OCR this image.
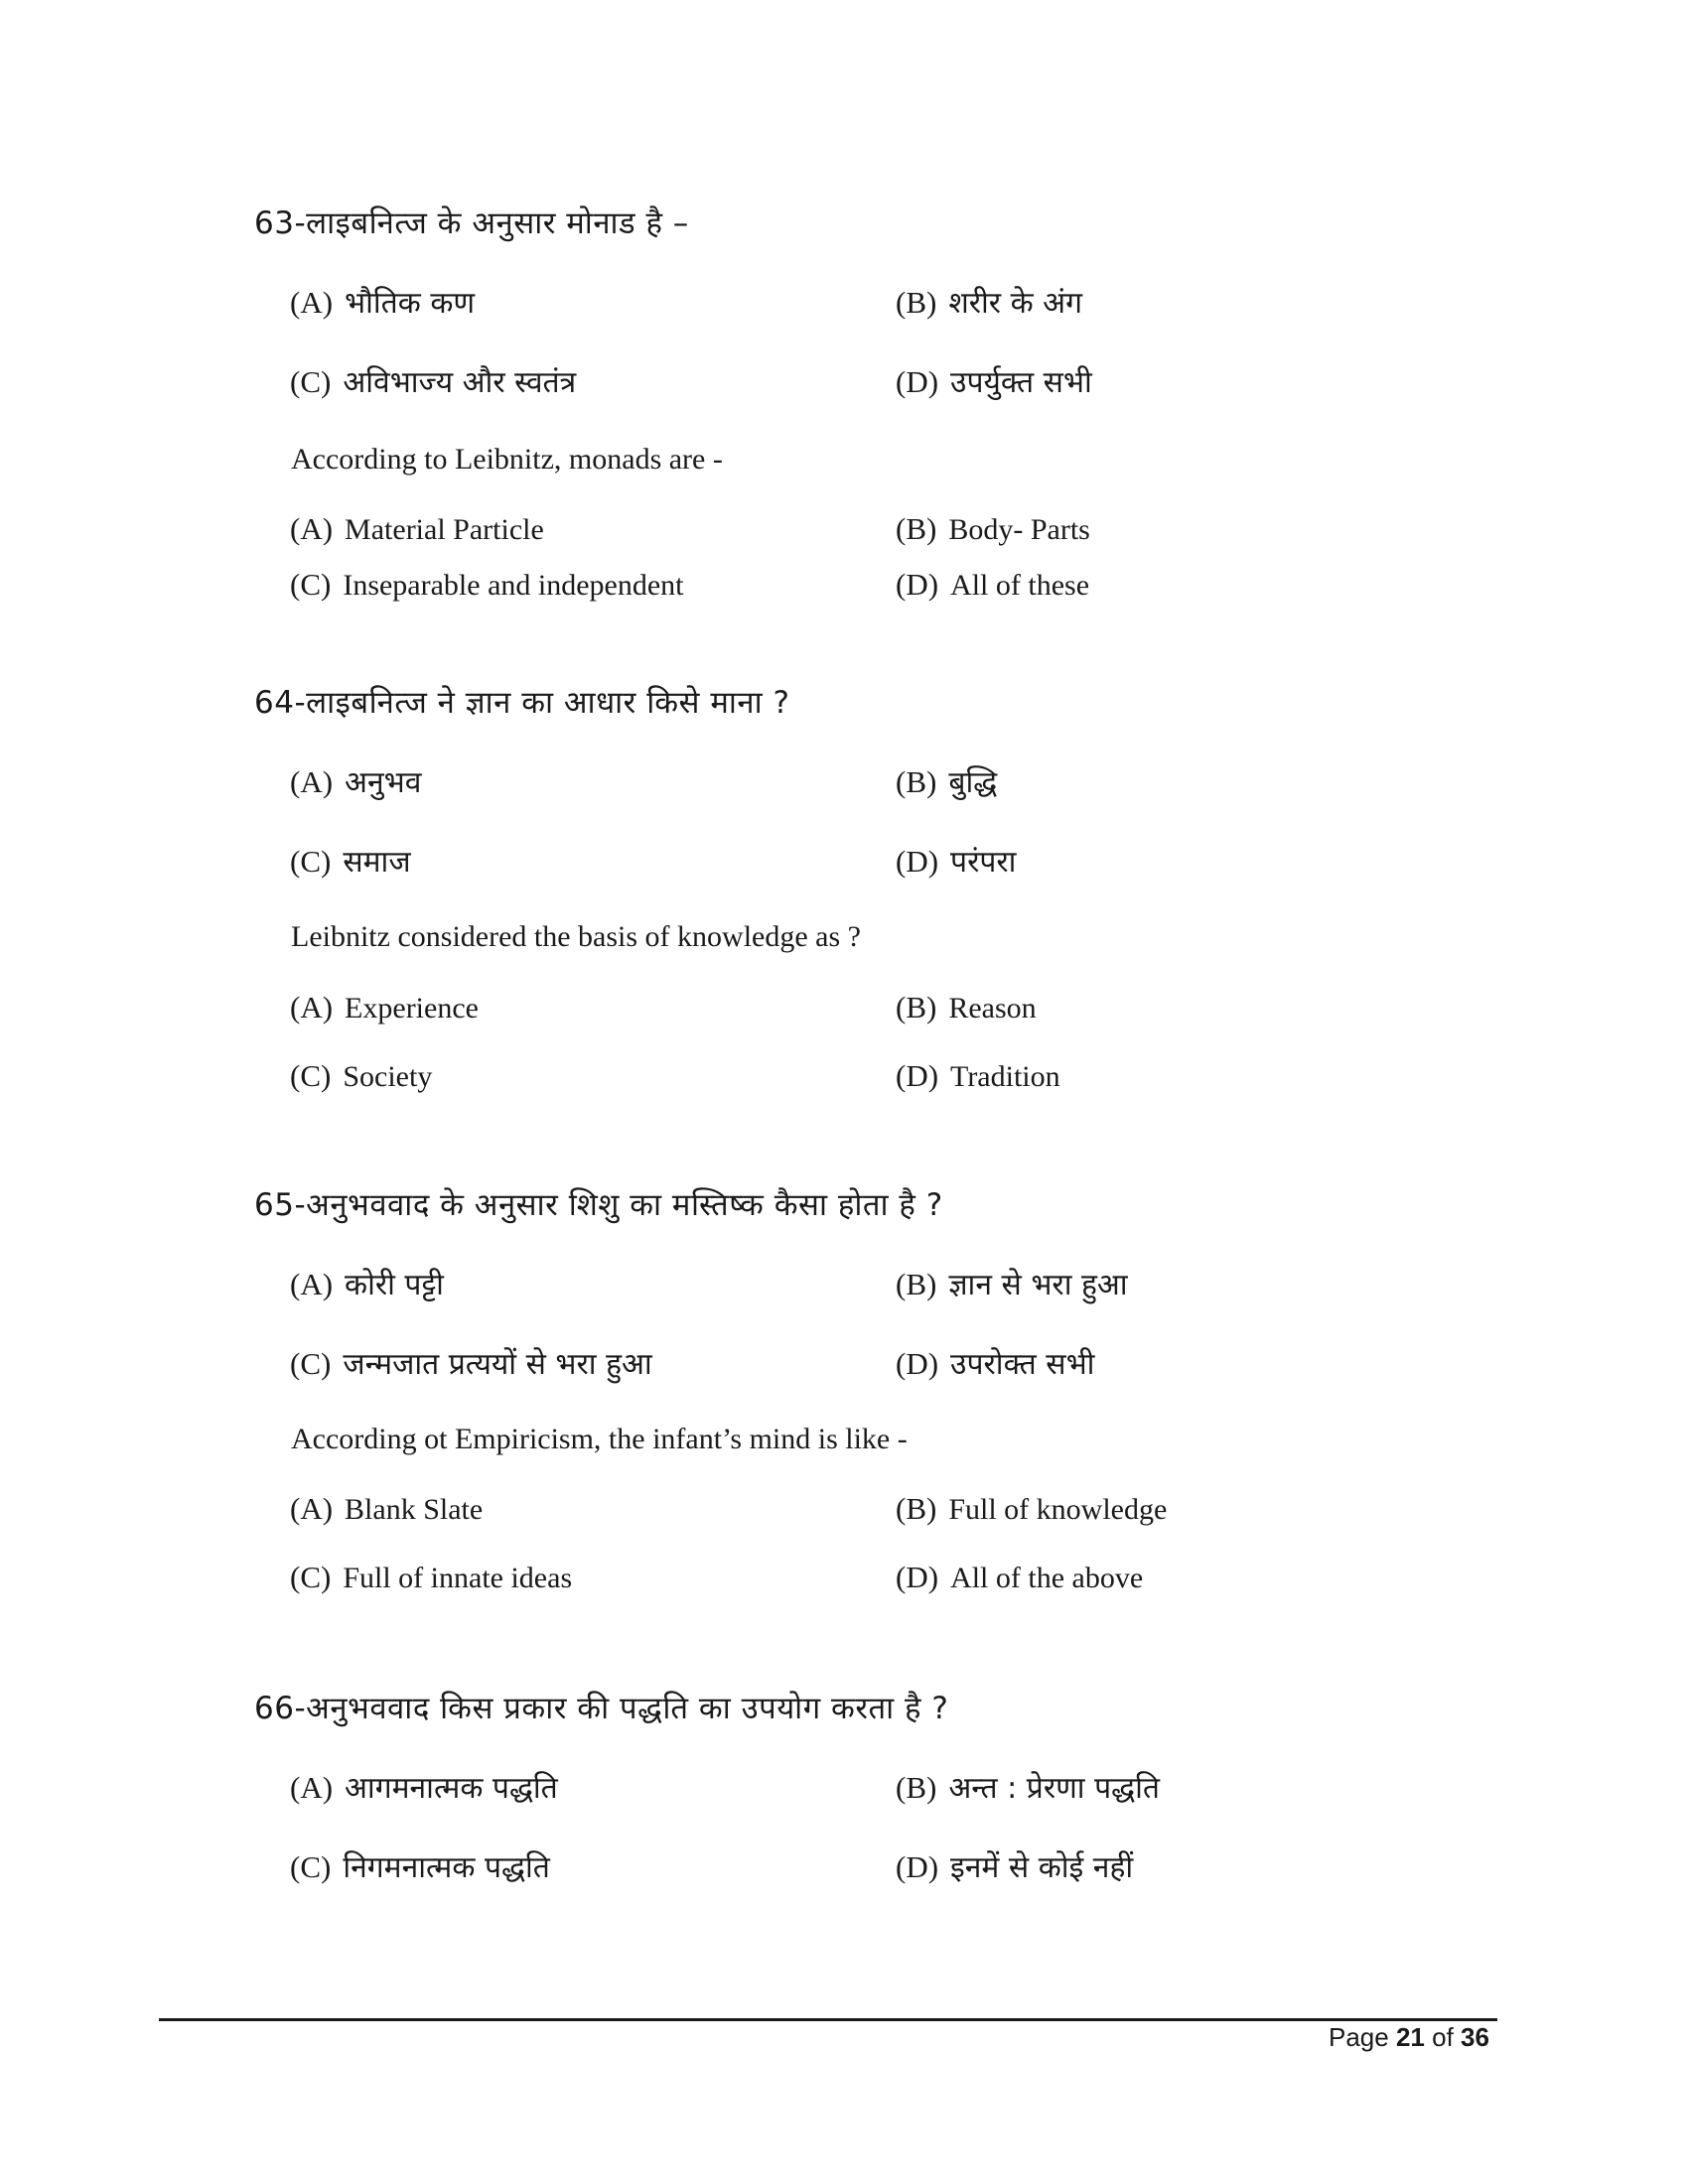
63-लाइबनित्ज के अनुसार मोनाड है –
(A) भौतिक कण	(B) शरीर के अंग
(C) अविभाज्य और स्वतंत्र	(D) उपर्युक्त सभी
According to Leibnitz, monads are -
(A) Material Particle	(B) Body- Parts
(C) Inseparable and independent	(D) All of these
64-लाइबनित्ज ने ज्ञान का आधार किसे माना ?
(A) अनुभव	(B) बुद्धि
(C) समाज	(D) परंपरा
Leibnitz considered the basis of knowledge as ?
(A) Experience	(B) Reason
(C) Society	(D) Tradition
65-अनुभववाद के अनुसार शिशु का मस्तिष्क कैसा होता है ?
(A) कोरी पट्टी	(B) ज्ञान से भरा हुआ
(C) जन्मजात प्रत्ययों से भरा हुआ	(D) उपरोक्त सभी
According ot Empiricism, the infant’s mind is like -
(A) Blank Slate	(B) Full of knowledge
(C) Full of innate ideas	(D) All of the above
66-अनुभववाद किस प्रकार की पद्धति का उपयोग करता है ?
(A) आगमनात्मक पद्धति	(B) अन्त : प्रेरणा पद्धति
(C) निगमनात्मक पद्धति	(D) इनमें से कोई नहीं
Page 21 of 36
